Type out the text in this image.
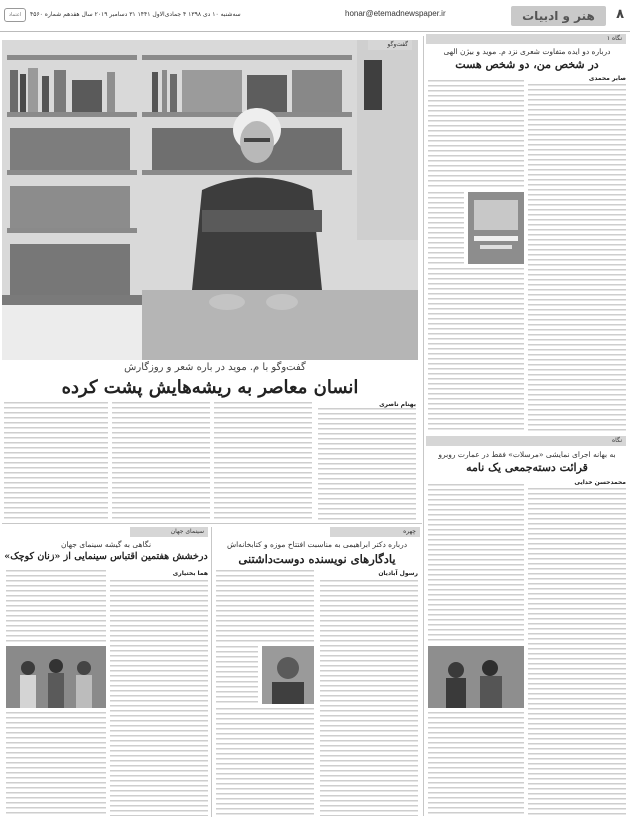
۸
هنر و ادبیات
honar@etemadnewspaper.ir
سه‌شنبه ۱۰ دی ۱۳۹۸ ۴ جمادی‌الاول ۱۴۴۱ ۳۱ دسامبر ۲۰۱۹ سال هفدهم شماره ۴۵۶۰
اعتماد
گفت‌وگو
گفت‌وگو با م. موید در باره شعر و روزگارش
انسان معاصر به ریشه‌هایش پشت کرده
بهنام ناصری
نگاه ۱
درباره دو ایده متفاوت شعری نزد م. موید و بیژن الهی
در شخص من، دو شخص هست
صابر محمدی
نگاه
به بهانه اجرای نمایشی «مرسلات» فقط در عمارت روبرو
قرائت دسته‌جمعی یک نامه
محمدحسن خدایی
چهره
درباره دکتر ابراهیمی به مناسبت افتتاح موزه و کتابخانه‌اش
یادگارهای نویسنده دوست‌داشتنی
رسول آبادیان
سینمای جهان
نگاهی به گیشه سینمای جهان
درخشش هفتمین اقتباس سینمایی از «زنان کوچک»
هما بختیاری
